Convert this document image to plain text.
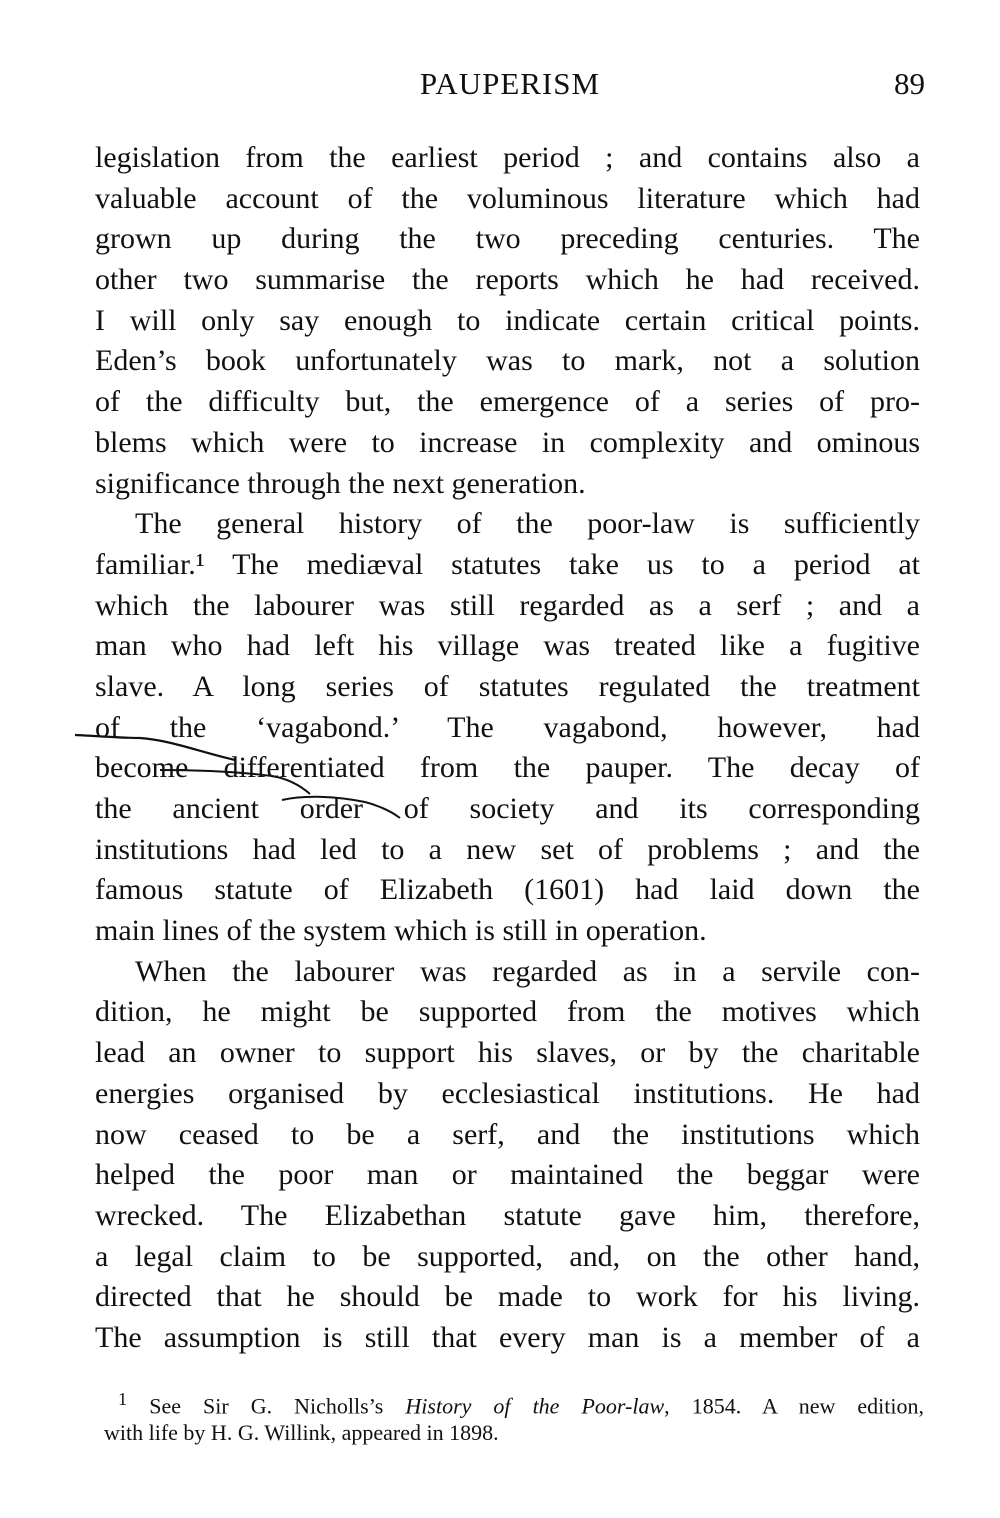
PAUPERISM	89
legislation from the earliest period ; and contains also a
valuable account of the voluminous literature which had
grown up during the two preceding centuries. The
other two summarise the reports which he had received.
I will only say enough to indicate certain critical points.
Eden’s book unfortunately was to mark, not a solution
of the difficulty but, the emergence of a series of pro-
blems which were to increase in complexity and ominous
significance through the next generation.
The general history of the poor-law is sufficiently
familiar.¹ The mediæval statutes take us to a period at
which the labourer was still regarded as a serf ; and a
man who had left his village was treated like a fugitive
slave. A long series of statutes regulated the treatment
of the ‘vagabond.’ The vagabond, however, had
become differentiated from the pauper. The decay of
the ancient order of society and its corresponding
institutions had led to a new set of problems ; and the
famous statute of Elizabeth (1601) had laid down the
main lines of the system which is still in operation.
When the labourer was regarded as in a servile con-
dition, he might be supported from the motives which
lead an owner to support his slaves, or by the charitable
energies organised by ecclesiastical institutions. He had
now ceased to be a serf, and the institutions which
helped the poor man or maintained the beggar were
wrecked. The Elizabethan statute gave him, therefore,
a legal claim to be supported, and, on the other hand,
directed that he should be made to work for his living.
The assumption is still that every man is a member of a
$^1$ See Sir G. Nicholls’s History of the Poor-law, 1854. A new edition,
with life by H. G. Willink, appeared in 1898.
